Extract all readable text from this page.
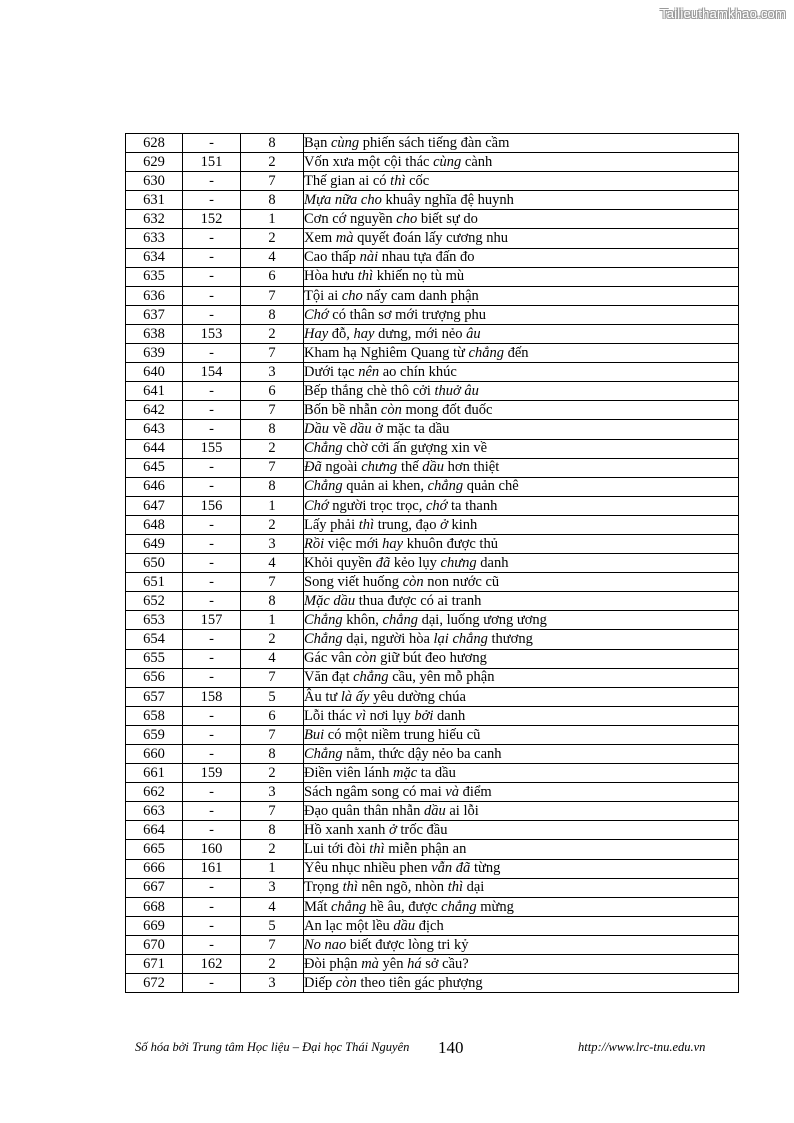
Tailieuthamkhao.com
628	-	8	Bạn cùng phiến sách tiếng đàn cầm
629	151	2	Vốn xưa một cội thác cùng cành
630	-	7	Thế gian ai có thì cốc
631	-	8	Mựa nữa cho khuây nghĩa đệ huynh
632	152	1	Cơn cớ nguyền cho biết sự do
633	-	2	Xem mà quyết đoán lấy cương nhu
634	-	4	Cao thấp nài nhau tựa đấn đo
635	-	6	Hòa hưu thì khiến nọ tù mù
636	-	7	Tội ai cho nấy cam danh phận
637	-	8	Chớ có thân sơ mới trượng phu
638	153	2	Hay đỗ, hay dưng, mới nẻo âu
639	-	7	Kham hạ Nghiêm Quang từ chẳng đến
640	154	3	Dưới tạc nên ao chín khúc
641	-	6	Bếp thắng chè thô cởi thuở âu
642	-	7	Bốn bề nhẫn còn mong đốt đuốc
643	-	8	Dầu về dầu ở mặc ta dầu
644	155	2	Chẳng chờ cởi ấn gượng xin về
645	-	7	Đã ngoài chưng thế dầu hơn thiệt
646	-	8	Chẳng quản ai khen, chẳng quản chê
647	156	1	Chớ người trọc trọc, chớ ta thanh
648	-	2	Lấy phải thì trung, đạo ở kinh
649	-	3	Rồi việc mới hay khuôn được thủ
650	-	4	Khỏi quyền đã kẻo lụy chưng danh
651	-	7	Song viết huống còn non nước cũ
652	-	8	Mặc dầu thua được có ai tranh
653	157	1	Chẳng khôn, chẳng dại, luống ương ương
654	-	2	Chẳng dại, người hòa lại chẳng thương
655	-	4	Gác vân còn giữ bút đeo hương
656	-	7	Văn đạt chẳng cầu, yên mỗ phận
657	158	5	Âu tư là ấy yêu dường chúa
658	-	6	Lỗi thác vì nơi lụy bởi danh
659	-	7	Bui có một niềm trung hiếu cũ
660	-	8	Chẳng nằm, thức dậy nẻo ba canh
661	159	2	Điền viên lánh mặc ta dầu
662	-	3	Sách ngâm song có mai và điểm
663	-	7	Đạo quân thân nhẫn dầu ai lỗi
664	-	8	Hồ xanh xanh ở trốc đầu
665	160	2	Lui tới đòi thì miễn phận an
666	161	1	Yêu nhục nhiều phen vẫn đã từng
667	-	3	Trọng thì nên ngõ, nhòn thì dại
668	-	4	Mất chẳng hề âu, được chẳng mừng
669	-	5	An lạc một lều dầu địch
670	-	7	No nao biết được lòng tri kỷ
671	162	2	Đòi phận mà yên há sở cầu?
672	-	3	Diếp còn theo tiên gác phượng
Số hóa bởi Trung tâm Học liệu – Đại học Thái Nguyên 140	http://www.lrc-tnu.edu.vn
